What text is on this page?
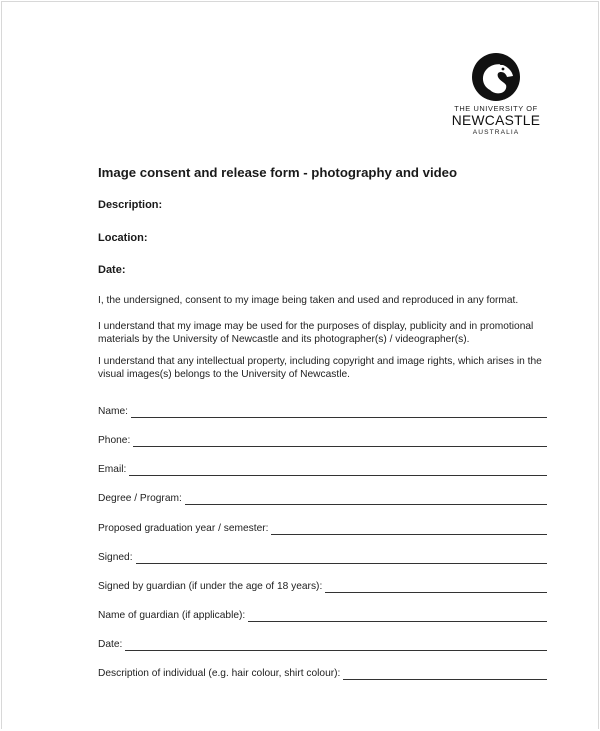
THE UNIVERSITY OF
NEWCASTLE
AUSTRALIA
Image consent and release form - photography and video
Description:
Location:
Date:
I, the undersigned, consent to my image being taken and used and reproduced in any format.
I understand that my image may be used for the purposes of display, publicity and in promotional materials by the University of Newcastle and its photographer(s) / videographer(s).
I understand that any intellectual property, including copyright and image rights, which arises in the visual images(s) belongs to the University of Newcastle.
Name:
Phone:
Email:
Degree / Program:
Proposed graduation year / semester:
Signed:
Signed by guardian (if under the age of 18 years):
Name of guardian (if applicable):
Date:
Description of individual (e.g. hair colour, shirt colour):
